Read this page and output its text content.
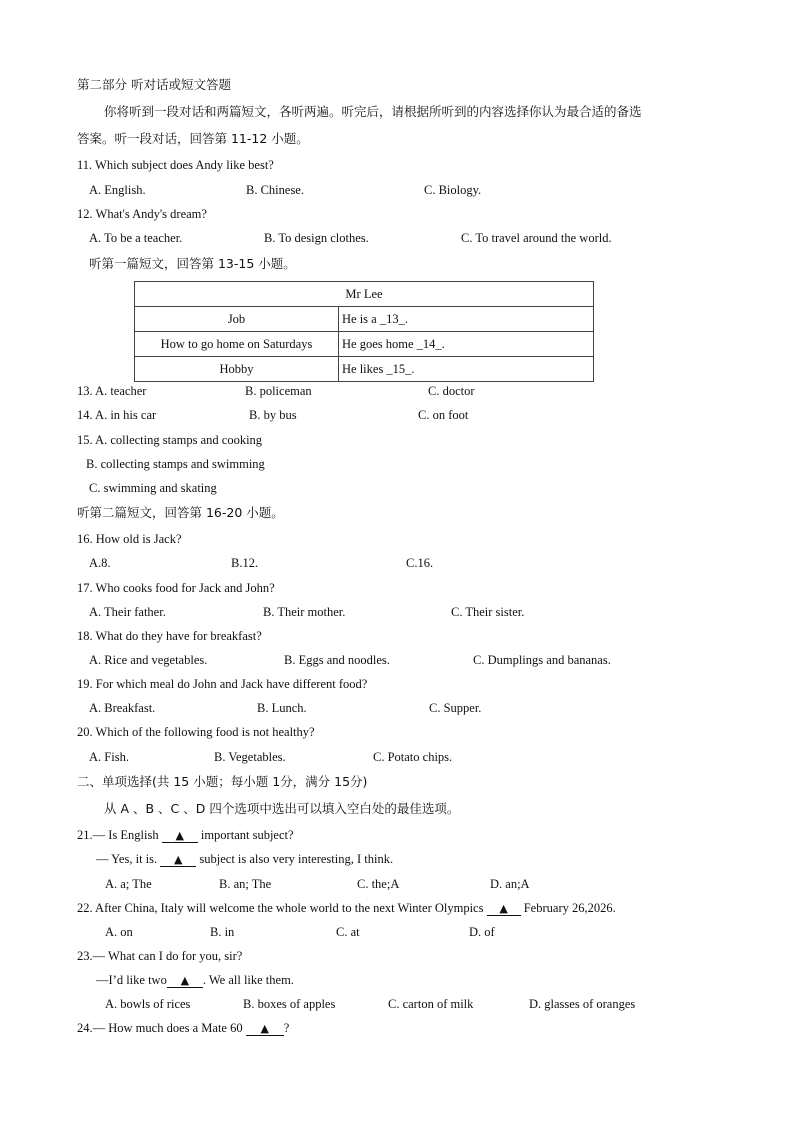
第二部分 听对话或短文答题
你将听到一段对话和两篇短文，各听两遍。听完后，请根据所听到的内容选择你认为最合适的备选
答案。听一段对话，回答第 11-12 小题。
11. Which subject does Andy like best?
A. English.	B. Chinese.	C. Biology.
12. What's Andy's dream?
A. To be a teacher.	B. To design clothes.	C. To travel around the world.
听第一篇短文，回答第 13-15 小题。
Mr Lee	
Job	He is a _13_.
How to go home on Saturdays	He goes home _14_.
Hobby	He likes _15_.
13. A. teacher	B. policeman	C. doctor
14. A. in his car	B. by bus	C. on foot
15. A. collecting stamps and cooking
B. collecting stamps and swimming
C. swimming and skating
听第二篇短文，回答第 16-20 小题。
16. How old is Jack?
A.8.	B.12.	C.16.
17. Who cooks food for Jack and John?
A. Their father.	B. Their mother.	C. Their sister.
18. What do they have for breakfast?
A. Rice and vegetables.	B. Eggs and noodles.	C. Dumplings and bananas.
19. For which meal do John and Jack have different food?
A. Breakfast.	B. Lunch.	C. Supper.
20. Which of the following food is not healthy?
A. Fish.	B. Vegetables.	C. Potato chips.
二、单项选择(共 15 小题；每小题 1分，满分 15分)
从 A 、B 、C 、D 四个选项中选出可以填入空白处的最佳选项。
21.— Is English ▲ important subject?
— Yes, it is. ▲ subject is also very interesting, I think.
A. a; The	B. an; The	C. the;A	D. an;A
22. After China, Italy will welcome the whole world to the next Winter Olympics ▲ February 26,2026.
A. on	B. in	C. at	D. of
23.— What can I do for you, sir?
—I’d like two ▲ . We all like them.
A. bowls of rices	B. boxes of apples	C. carton of milk	D. glasses of oranges
24.— How much does a Mate 60 ▲ ?
